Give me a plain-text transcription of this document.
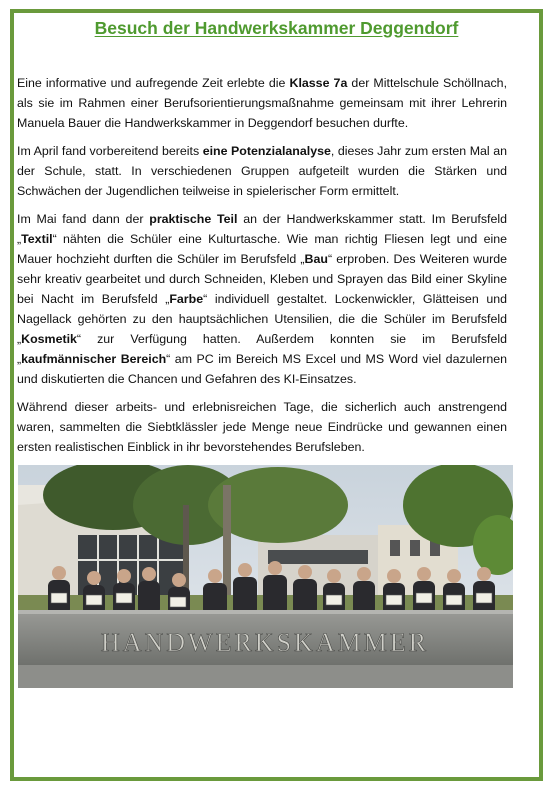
Besuch der Handwerkskammer Deggendorf

Eine informative und aufregende Zeit erlebte die Klasse 7a der Mittelschule Schöllnach, als sie im Rahmen einer Berufsorientierungsmaßnahme gemeinsam mit ihrer Lehrerin Manuela Bauer die Handwerkskammer in Deggendorf besuchen durfte.

Im April fand vorbereitend bereits eine Potenzialanalyse, dieses Jahr zum ersten Mal an der Schule, statt. In verschiedenen Gruppen aufgeteilt wurden die Stärken und Schwächen der Jugendlichen teilweise in spielerischer Form ermittelt.

Im Mai fand dann der praktische Teil an der Handwerkskammer statt. Im Berufsfeld „Textil“ nähten die Schüler eine Kulturtasche. Wie man richtig Fliesen legt und eine Mauer hochzieht durften die Schüler im Berufsfeld „Bau“ erproben. Des Weiteren wurde sehr kreativ gearbeitet und durch Schneiden, Kleben und Sprayen das Bild einer Skyline bei Nacht im Berufsfeld „Farbe“ individuell gestaltet. Lockenwickler, Glätteisen und Nagellack gehörten zu den hauptsächlichen Utensilien, die die Schüler im Berufsfeld „Kosmetik“ zur Verfügung hatten. Außerdem konnten sie im Berufsfeld „kaufmännischer Bereich“ am PC im Bereich MS Excel und MS Word viel dazulernen und diskutierten die Chancen und Gefahren des KI-Einsatzes.

Während dieser arbeits- und erlebnisreichen Tage, die sicherlich auch anstrengend waren, sammelten die Siebtklässler jede Menge neue Eindrücke und gewannen einen ersten realistischen Einblick in ihr bevorstehendes Berufsleben.

HANDWERKSKAMMER
